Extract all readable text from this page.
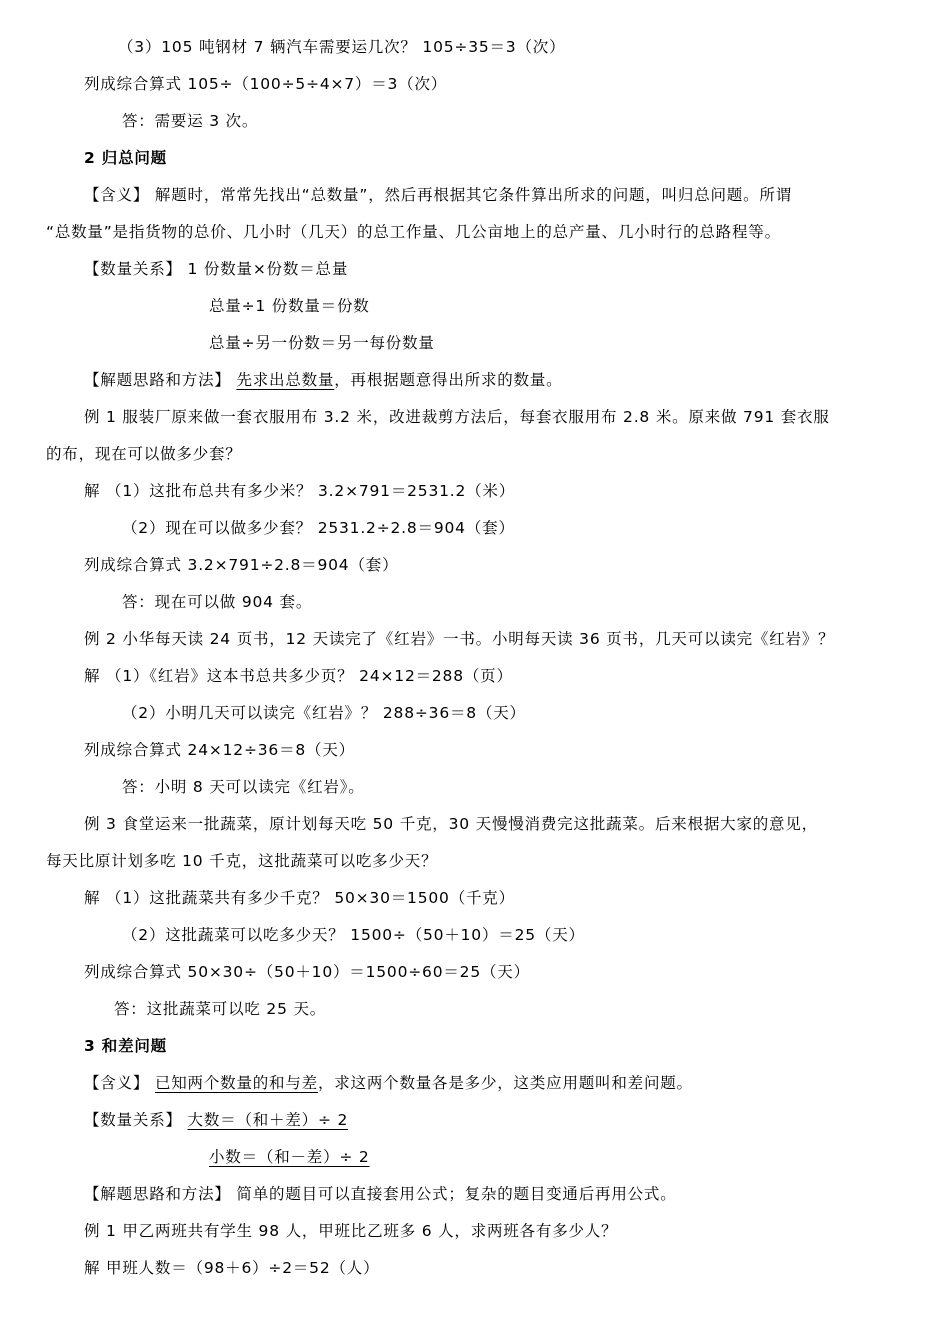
（3）105 吨钢材 7 辆汽车需要运几次？ 105÷35＝3（次）
列成综合算式 105÷（100÷5÷4×7）＝3（次）
答：需要运 3 次。
2 归总问题
【含义】 解题时，常常先找出“总数量”，然后再根据其它条件算出所求的问题，叫归总问题。所谓
“总数量”是指货物的总价、几小时（几天）的总工作量、几公亩地上的总产量、几小时行的总路程等。
【数量关系】 1 份数量×份数＝总量
总量÷1 份数量＝份数
总量÷另一份数＝另一每份数量
【解题思路和方法】 先求出总数量，再根据题意得出所求的数量。
例 1 服装厂原来做一套衣服用布 3.2 米，改进裁剪方法后，每套衣服用布 2.8 米。原来做 791 套衣服
的布，现在可以做多少套？
解 （1）这批布总共有多少米？ 3.2×791＝2531.2（米）
（2）现在可以做多少套？ 2531.2÷2.8＝904（套）
列成综合算式 3.2×791÷2.8＝904（套）
答：现在可以做 904 套。
例 2 小华每天读 24 页书，12 天读完了《红岩》一书。小明每天读 36 页书，几天可以读完《红岩》？
解 （1）《红岩》这本书总共多少页？ 24×12＝288（页）
（2）小明几天可以读完《红岩》？ 288÷36＝8（天）
列成综合算式 24×12÷36＝8（天）
答：小明 8 天可以读完《红岩》。
例 3 食堂运来一批蔬菜，原计划每天吃 50 千克，30 天慢慢消费完这批蔬菜。后来根据大家的意见，
每天比原计划多吃 10 千克，这批蔬菜可以吃多少天？
解 （1）这批蔬菜共有多少千克？ 50×30＝1500（千克）
（2）这批蔬菜可以吃多少天？ 1500÷（50＋10）＝25（天）
列成综合算式 50×30÷（50＋10）＝1500÷60＝25（天）
答：这批蔬菜可以吃 25 天。
3 和差问题
【含义】 已知两个数量的和与差，求这两个数量各是多少，这类应用题叫和差问题。
【数量关系】 大数＝（和＋差）÷ 2
小数＝（和－差）÷ 2
【解题思路和方法】 简单的题目可以直接套用公式；复杂的题目变通后再用公式。
例 1 甲乙两班共有学生 98 人，甲班比乙班多 6 人，求两班各有多少人？
解 甲班人数＝（98＋6）÷2＝52（人）
